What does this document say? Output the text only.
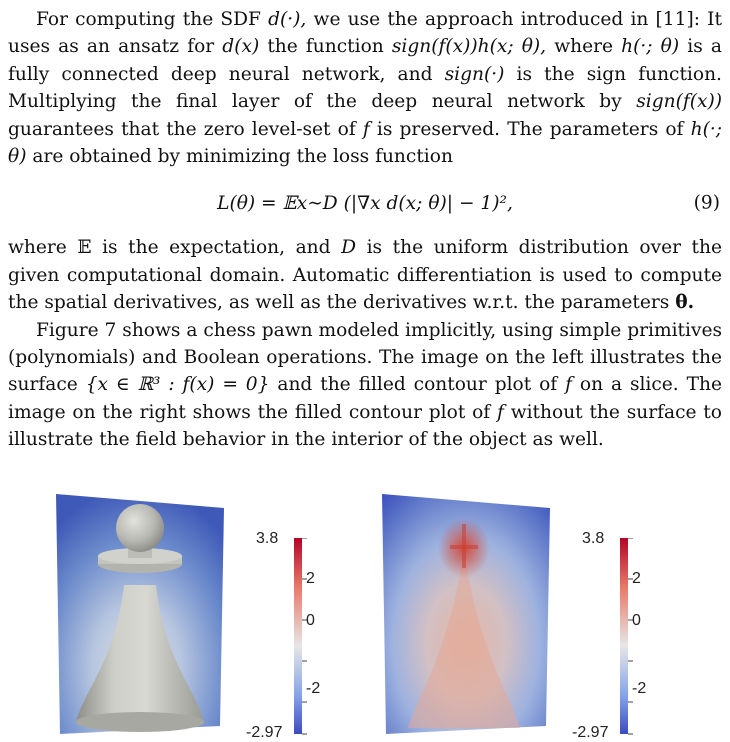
For computing the SDF d(·), we use the approach introduced in [11]: It uses as an ansatz for d(x) the function sign(f(x))h(x; θ), where h(·; θ) is a fully connected deep neural network, and sign(·) is the sign function. Multiplying the final layer of the deep neural network by sign(f(x)) guarantees that the zero level-set of f is preserved. The parameters of h(·; θ) are obtained by minimizing the loss function

L(θ) = 𝔼x∼D (|∇x d(x; θ)| − 1)²,	(9)

where 𝔼 is the expectation, and D is the uniform distribution over the given computational domain. Automatic differentiation is used to compute the spatial derivatives, as well as the derivatives w.r.t. the parameters θ.

Figure 7 shows a chess pawn modeled implicitly, using simple primitives (polynomials) and Boolean operations. The image on the left illustrates the surface {x ∈ ℝ³ : f(x) = 0} and the filled contour plot of f on a slice. The image on the right shows the filled contour plot of f without the surface to illustrate the field behavior in the interior of the object as well.

3.8
2
0
-2
-2.97
3.8
2
0
-2
-2.97
